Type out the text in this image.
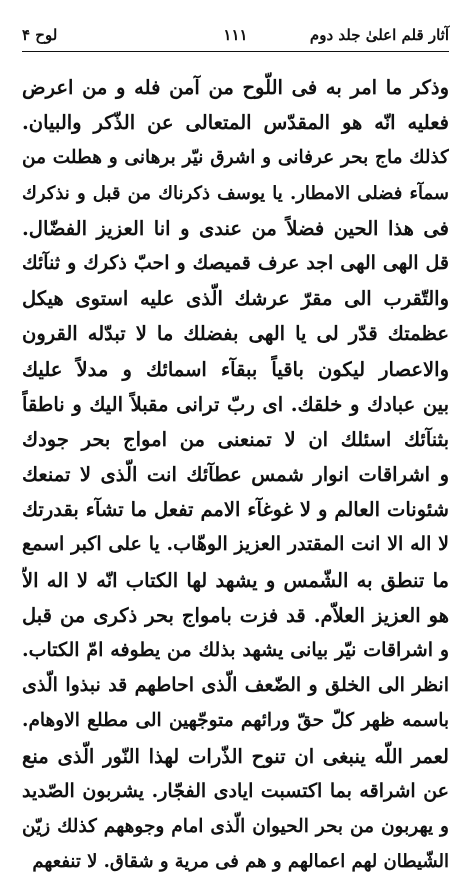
آثار قلم اعلىٰ جلد دوم
١١١
لوح ۴
وذكر ما امر به فى اللّوح من آمن فله و من اعرض
فعليه انّه هو المقدّس المتعالى عن الذّكر والبيان.
كذلك ماج بحر عرفانى و اشرق نيّر برهانى و هطلت من
سمآء فضلى الامطار. يا يوسف ذكرناك من قبل و نذكرك
فى هذا الحين فضلاً من عندى و انا العزيز الفضّال.
قل الهى الهى اجد عرف قميصك و احبّ ذكرك و ثنآئك
والتّقرب الى مقرّ عرشك الّذى عليه استوى هيكل
عظمتك قدّر لى يا الهى بفضلك ما لا تبدّله القرون
والاعصار ليكون باقياً ببقآء اسمائك و مدلاً عليك
بين عبادك و خلقك. اى ربّ ترانى مقبلاً اليك و ناطقاً
بثنآئك اسئلك ان لا تمنعنى من امواج بحر جودك
و اشراقات انوار شمس عطآئك انت الّذى لا تمنعك
شئونات العالم و لا غوغآء الامم تفعل ما تشآء بقدرتك
لا اله الا انت المقتدر العزيز الوهّاب. يا على اكبر اسمع
ما تنطق به الشّمس و يشهد لها الكتاب انّه لا اله الاّ
هو العزيز العلاّم. قد فزت بامواج بحر ذكرى من قبل
و اشراقات نيّر بيانى يشهد بذلك من يطوفه امّ الكتاب.
انظر الى الخلق و الضّعف الّذى احاطهم قد نبذوا الّذى
باسمه ظهر كلّ حقّ ورائهم متوجّهين الى مطلع الاوهام.
لعمر اللّه ينبغى ان تنوح الذّرات لهذا النّور الّذى منع
عن اشراقه بما اكتسبت ايادى الفجّار. يشربون الصّديد
و يهربون من بحر الحيوان الّذى امام وجوههم كذلك زيّن
الشّيطان لهم اعمالهم و هم فى مرية و شقاق. لا تنفعهم
